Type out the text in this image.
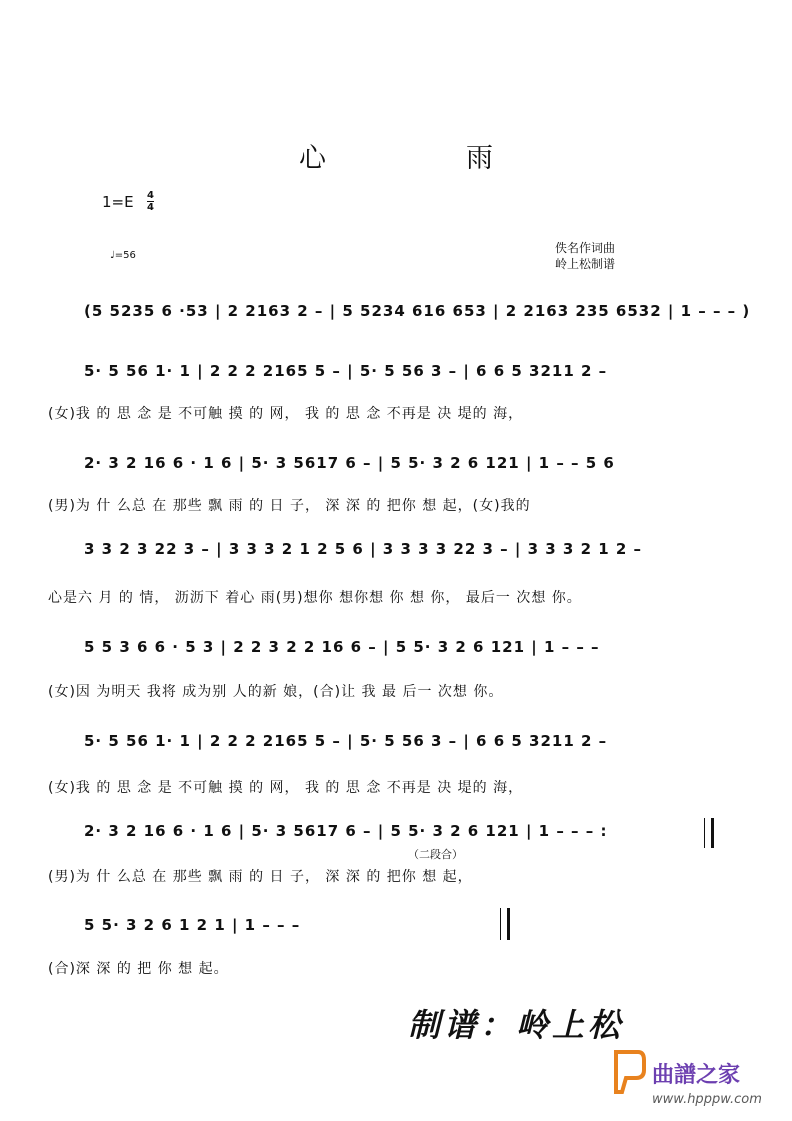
心	雨
1=E 4
4
♩=56
佚名作词曲
岭上松制谱
(5 5235 6 ·53 | 2 2163 2 – | 5 5234 616 653 | 2 2163 235 6532 | 1 – – – )
5· 5 56 1· 1 | 2 2 2 2165 5 – | 5· 5 56 3 – | 6 6 5 3211 2 –
(女)我 的 思 念 是 不可触 摸 的 网， 我 的 思 念 不再是 决 堤的 海，
2· 3 2 16 6 · 1 6 | 5· 3 5617 6 – | 5 5· 3 2 6 121 | 1 – – 5 6
(男)为 什 么总 在 那些 飘 雨 的 日 子， 深 深 的 把你 想 起，(女)我的
3 3 2 3 22 3 – | 3 3 3 2 1 2 5 6 | 3 3 3 3 22 3 – | 3 3 3 2 1 2 –
心是六 月 的 情， 沥沥下 着心 雨(男)想你 想你想 你 想 你， 最后一 次想 你。
5 5 3 6 6 · 5 3 | 2 2 3 2 2 16 6 – | 5 5· 3 2 6 121 | 1 – – –
(女)因 为明天 我将 成为别 人的新 娘，(合)让 我 最 后一 次想 你。
5· 5 56 1· 1 | 2 2 2 2165 5 – | 5· 5 56 3 – | 6 6 5 3211 2 –
(女)我 的 思 念 是 不可触 摸 的 网， 我 的 思 念 不再是 决 堤的 海，
2· 3 2 16 6 · 1 6 | 5· 3 5617 6 – | 5 5· 3 2 6 121 | 1 – – – :
（二段合）
(男)为 什 么总 在 那些 飘 雨 的 日 子， 深 深 的 把你 想 起，
5 5· 3 2 6 1 2 1 | 1 – – –
(合)深 深 的 把 你 想 起。
制谱：岭上松
曲譜之家
www.hpppw.com
